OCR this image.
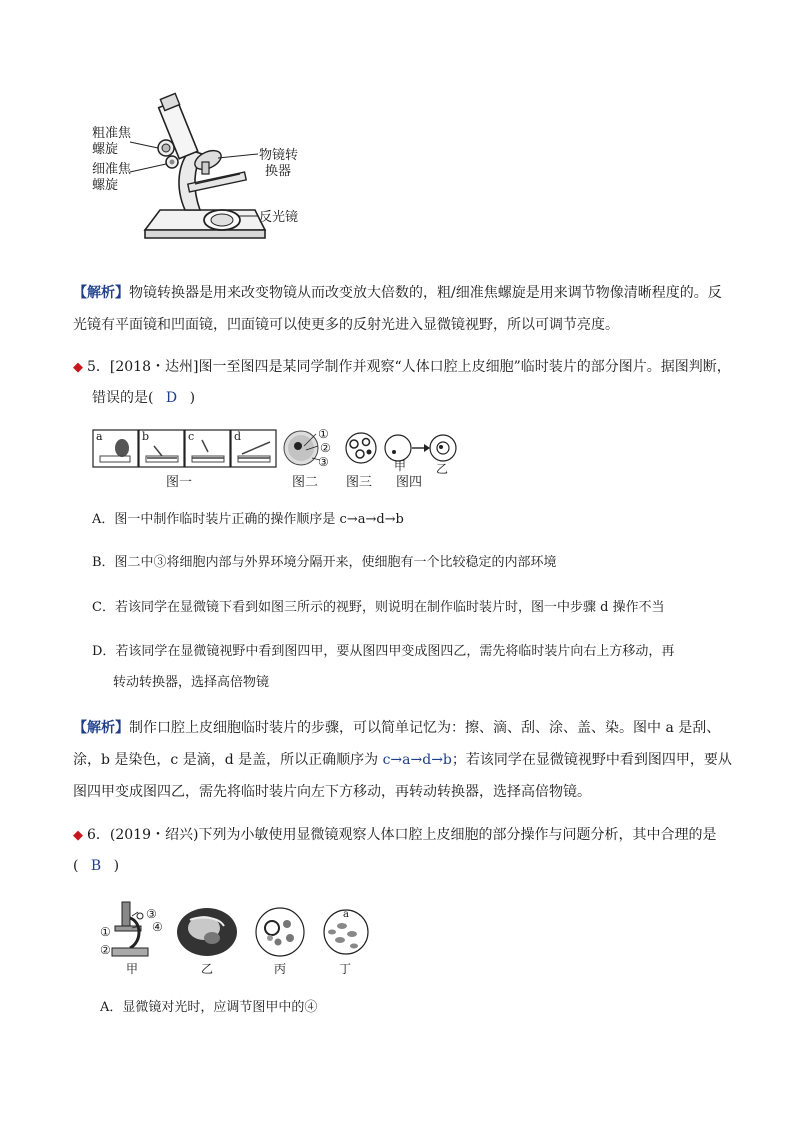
粗准焦
螺旋
细准焦
螺旋
物镜转
换器
反光镜
【解析】物镜转换器是用来改变物镜从而改变放大倍数的，粗/细准焦螺旋是用来调节物像清晰程度的。反
光镜有平面镜和凹面镜，凹面镜可以使更多的反射光进入显微镜视野，所以可调节亮度。
◆ 5．[2018・达州]图一至图四是某同学制作并观察“人体口腔上皮细胞”临时装片的部分图片。据图判断，
错误的是( D )
a	b	c	d	①
②
③	甲 乙
图一	图二 图三 图四
A．图一中制作临时装片正确的操作顺序是 c→a→d→b
B．图二中③将细胞内部与外界环境分隔开来，使细胞有一个比较稳定的内部环境
C．若该同学在显微镜下看到如图三所示的视野，则说明在制作临时装片时，图一中步骤 d 操作不当
D．若该同学在显微镜视野中看到图四甲，要从图四甲变成图四乙，需先将临时装片向右上方移动，再
转动转换器，选择高倍物镜
【解析】制作口腔上皮细胞临时装片的步骤，可以简单记忆为：擦、滴、刮、涂、盖、染。图中 a 是刮、
涂，b 是染色，c 是滴，d 是盖，所以正确顺序为 c→a→d→b；若该同学在显微镜视野中看到图四甲，要从
图四甲变成图四乙，需先将临时装片向左下方移动，再转动转换器，选择高倍物镜。
◆ 6．(2019・绍兴)下列为小敏使用显微镜观察人体口腔上皮细胞的部分操作与问题分析，其中合理的是
( B )
③
④
①
②
a
甲	乙	丙	丁
A．显微镜对光时，应调节图甲中的④
